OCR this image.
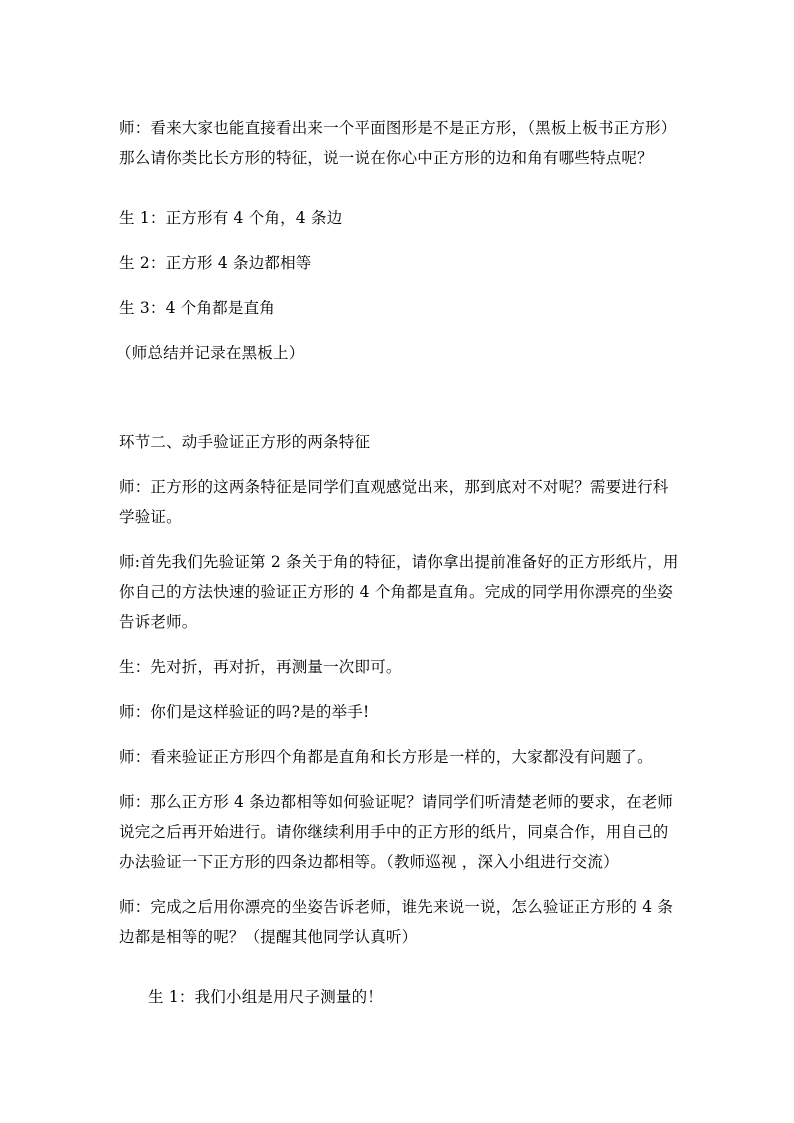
师：看来大家也能直接看出来一个平面图形是不是正方形，（黑板上板书正方形）那么请你类比长方形的特征，说一说在你心中正方形的边和角有哪些特点呢？

生 1：正方形有 4 个角，4 条边

生 2：正方形 4 条边都相等

生 3：4 个角都是直角

（师总结并记录在黑板上）

环节二、动手验证正方形的两条特征

师：正方形的这两条特征是同学们直观感觉出来，那到底对不对呢？需要进行科学验证。

师:首先我们先验证第 2 条关于角的特征，请你拿出提前准备好的正方形纸片，用你自己的方法快速的验证正方形的 4 个角都是直角。完成的同学用你漂亮的坐姿告诉老师。

生：先对折，再对折，再测量一次即可。

师：你们是这样验证的吗?是的举手!

师：看来验证正方形四个角都是直角和长方形是一样的，大家都没有问题了。

师：那么正方形 4 条边都相等如何验证呢？请同学们听清楚老师的要求，在老师说完之后再开始进行。请你继续利用手中的正方形的纸片，同桌合作，用自己的办法验证一下正方形的四条边都相等。（教师巡视 ，深入小组进行交流）

师：完成之后用你漂亮的坐姿告诉老师，谁先来说一说，怎么验证正方形的 4 条边都是相等的呢？（提醒其他同学认真听）

生 1：我们小组是用尺子测量的！
